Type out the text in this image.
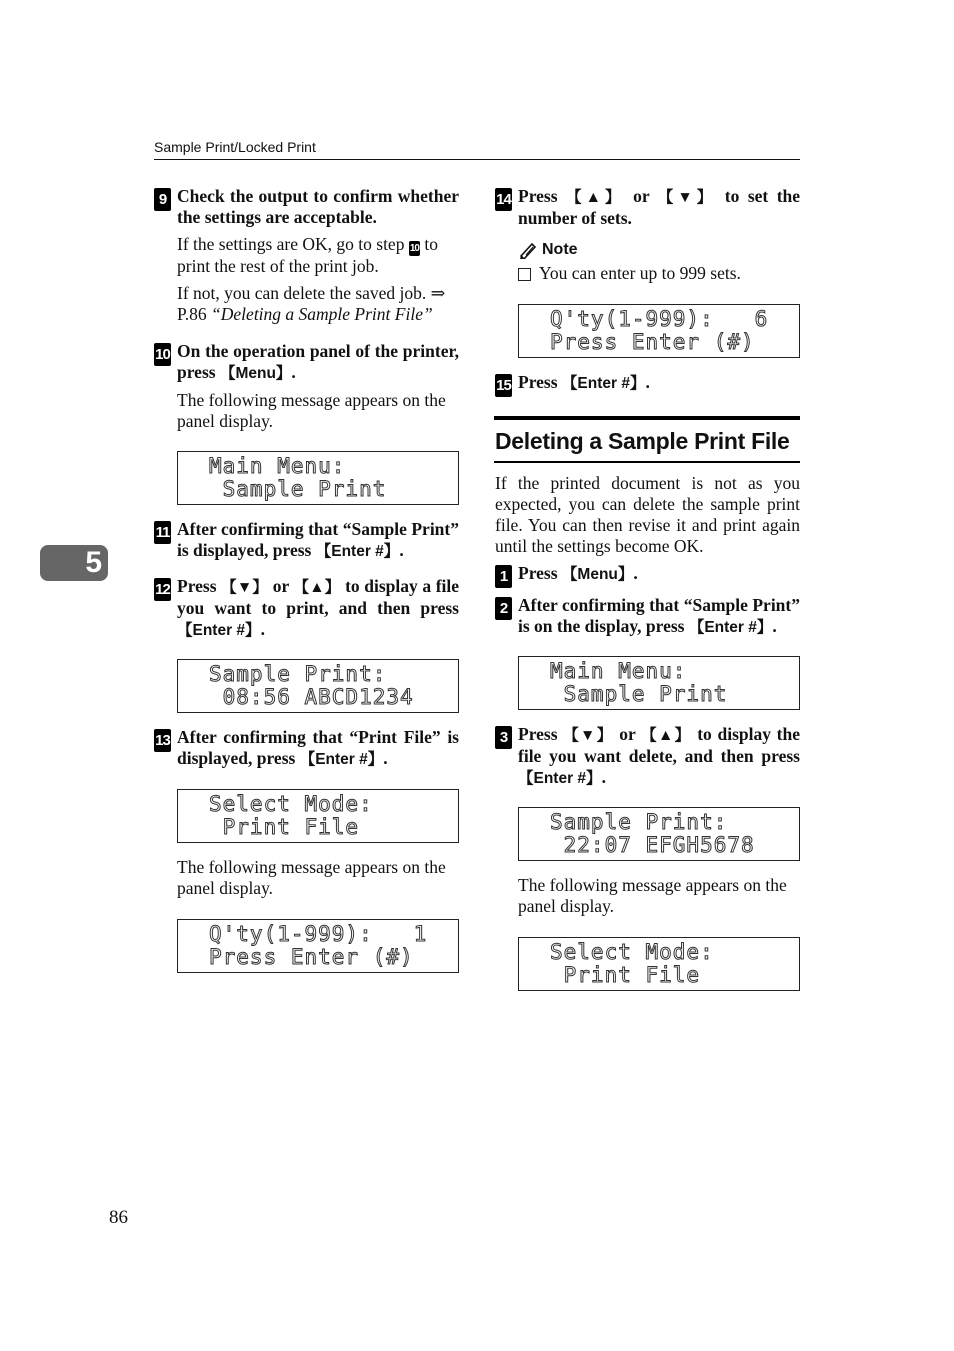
Sample Print/Locked Print
5
9 Check the output to confirm whether the settings are acceptable.

If the settings are OK, go to step 10 to print the rest of the print job.

If not, you can delete the saved job. ⇒ P.86 “Deleting a Sample Print File”

10 On the operation panel of the printer, press 【Menu】.

The following message appears on the panel display.

Main Menu:
Sample Print
11 After confirming that “Sample Print” is displayed, press 【Enter #】.

12 Press 【▼】 or 【▲】 to display a file you want to print, and then press 【Enter #】.

Sample Print:
08:56 ABCD1234
13 After confirming that “Print File” is displayed, press 【Enter #】.

Select Mode:
Print File

The following message appears on the panel display.

Q'ty(1-999):   1
Press Enter (#)
14 Press 【▲】 or 【▼】 to set the number of sets.

Note
You can enter up to 999 sets.
Q'ty(1-999):   6
Press Enter (#)
15 Press 【Enter #】.

Deleting a Sample Print File

If the printed document is not as you expected, you can delete the sample print file. You can then revise it and print again until the settings become OK.

1 Press 【Menu】.

2 After confirming that “Sample Print” is on the display, press 【Enter #】.

Main Menu:
Sample Print
3 Press 【▼】 or 【▲】 to display the file you want delete, and then press 【Enter #】.

Sample Print:
22:07 EFGH5678

The following message appears on the panel display.

Select Mode:
Print File
86
